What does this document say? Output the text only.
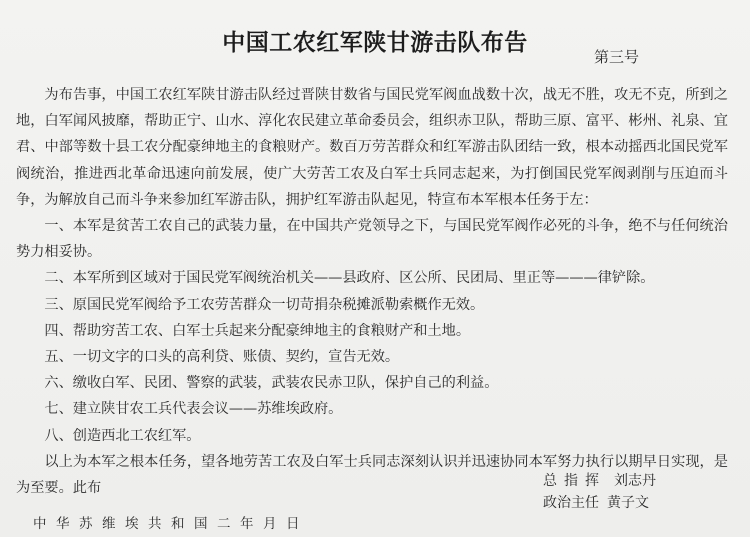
中国工农红军陕甘游击队布告
第三号

为布告事，中国工农红军陕甘游击队经过晋陕甘数省与国民党军阀血战数十次，战无不胜，攻无不克，所到之地，白军闻风披靡，帮助正宁、山水、淳化农民建立革命委员会，组织赤卫队，帮助三原、富平、彬州、礼泉、宜君、中部等数十县工农分配豪绅地主的食粮财产。数百万劳苦群众和红军游击队团结一致，根本动摇西北国民党军阀统治，推进西北革命迅速向前发展，使广大劳苦工农及白军士兵同志起来，为打倒国民党军阀剥削与压迫而斗争，为解放自己而斗争来参加红军游击队，拥护红军游击队起见，特宣布本军根本任务于左：

一、本军是贫苦工农自己的武装力量，在中国共产党领导之下，与国民党军阀作必死的斗争，绝不与任何统治势力相妥协。

二、本军所到区域对于国民党军阀统治机关——县政府、区公所、民团局、里正等———律铲除。

三、原国民党军阀给予工农劳苦群众一切苛捐杂税摊派勒索概作无效。

四、帮助穷苦工农、白军士兵起来分配豪绅地主的食粮财产和土地。

五、一切文字的口头的高利贷、账债、契约，宣告无效。

六、缴收白军、民团、警察的武装，武装农民赤卫队，保护自己的利益。

七、建立陕甘农工兵代表会议——苏维埃政府。

八、创造西北工农红军。

以上为本军之根本任务，望各地劳苦工农及白军士兵同志深刻认识并迅速协同本军努力执行以期早日实现，是为至要。此布	总指挥 刘志丹
政治主任 黄子文
中华苏维埃共和国二年月日
